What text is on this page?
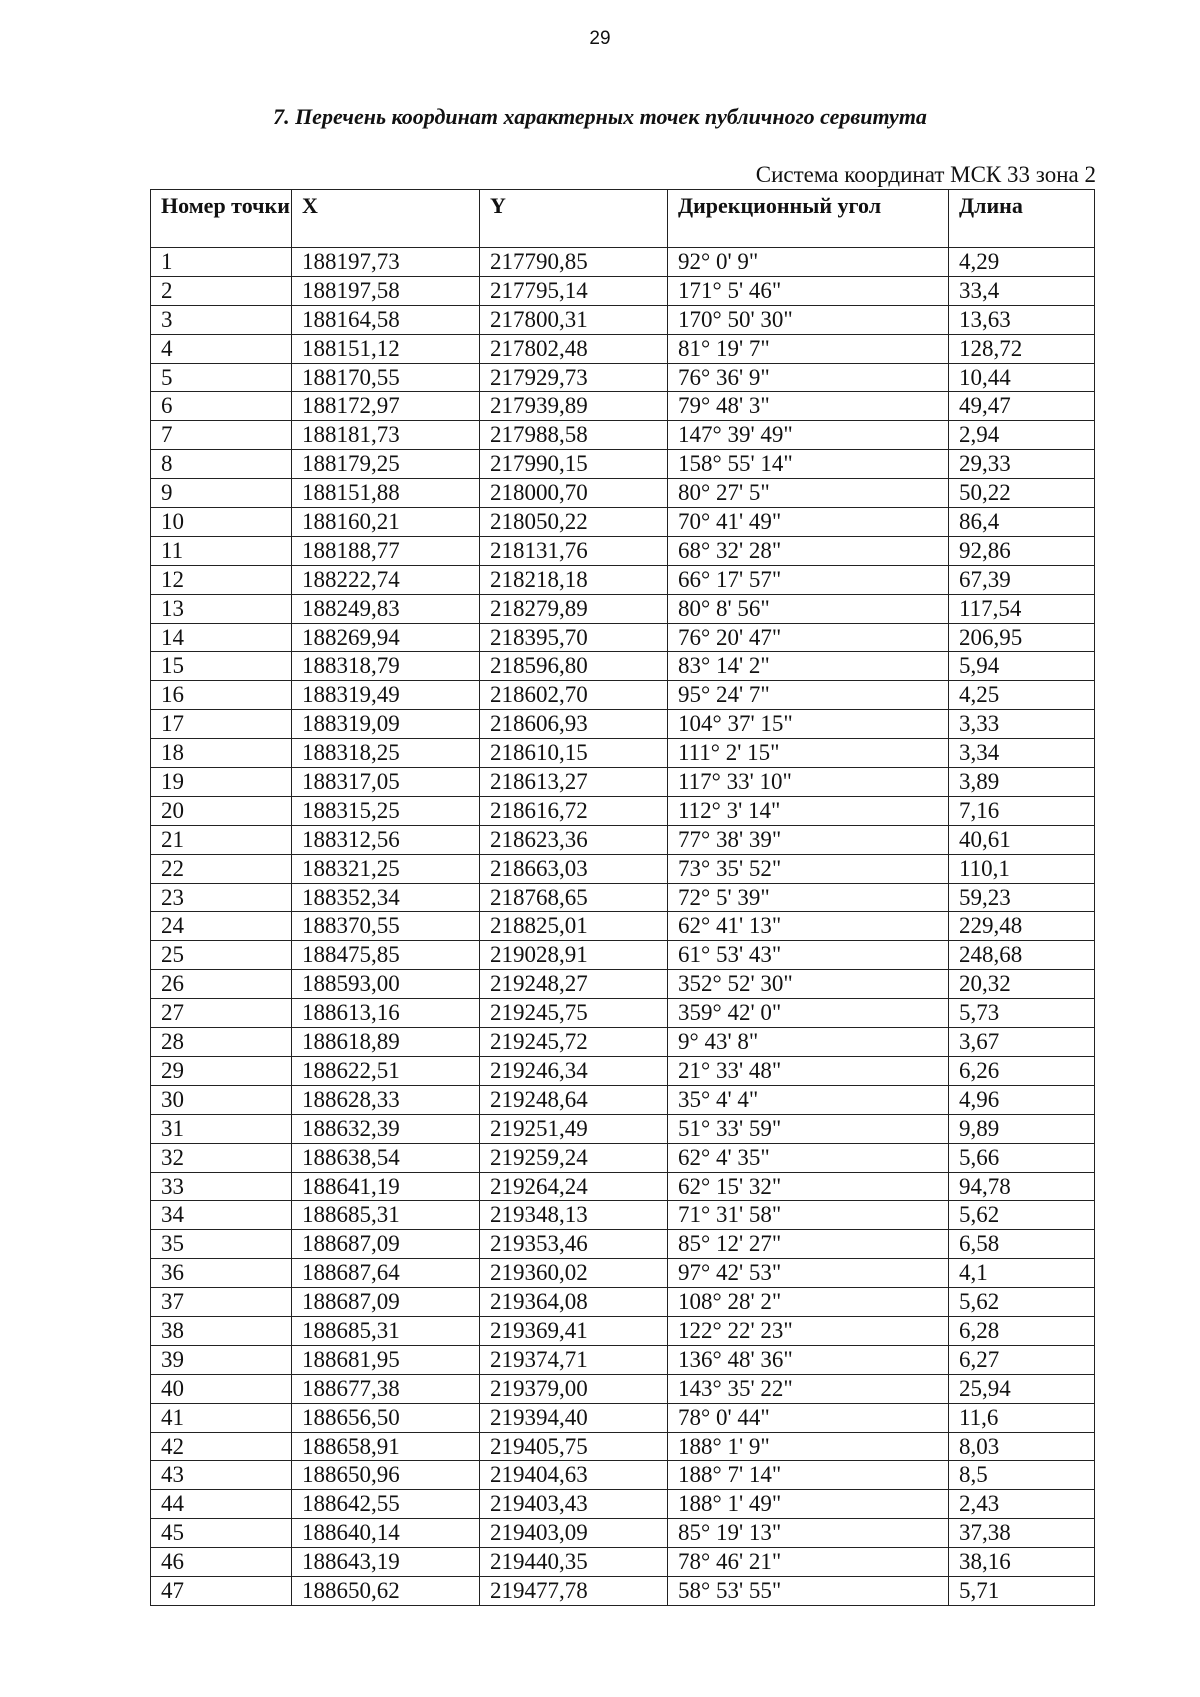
29
7. Перечень координат характерных точек публичного сервитута
Система координат МСК 33 зона 2
Номер точки	X	Y	Дирекционный угол	Длина
1	188197,73	217790,85	92° 0' 9"	4,29
2	188197,58	217795,14	171° 5' 46"	33,4
3	188164,58	217800,31	170° 50' 30"	13,63
4	188151,12	217802,48	81° 19' 7"	128,72
5	188170,55	217929,73	76° 36' 9"	10,44
6	188172,97	217939,89	79° 48' 3"	49,47
7	188181,73	217988,58	147° 39' 49"	2,94
8	188179,25	217990,15	158° 55' 14"	29,33
9	188151,88	218000,70	80° 27' 5"	50,22
10	188160,21	218050,22	70° 41' 49"	86,4
11	188188,77	218131,76	68° 32' 28"	92,86
12	188222,74	218218,18	66° 17' 57"	67,39
13	188249,83	218279,89	80° 8' 56"	117,54
14	188269,94	218395,70	76° 20' 47"	206,95
15	188318,79	218596,80	83° 14' 2"	5,94
16	188319,49	218602,70	95° 24' 7"	4,25
17	188319,09	218606,93	104° 37' 15"	3,33
18	188318,25	218610,15	111° 2' 15"	3,34
19	188317,05	218613,27	117° 33' 10"	3,89
20	188315,25	218616,72	112° 3' 14"	7,16
21	188312,56	218623,36	77° 38' 39"	40,61
22	188321,25	218663,03	73° 35' 52"	110,1
23	188352,34	218768,65	72° 5' 39"	59,23
24	188370,55	218825,01	62° 41' 13"	229,48
25	188475,85	219028,91	61° 53' 43"	248,68
26	188593,00	219248,27	352° 52' 30"	20,32
27	188613,16	219245,75	359° 42' 0"	5,73
28	188618,89	219245,72	9° 43' 8"	3,67
29	188622,51	219246,34	21° 33' 48"	6,26
30	188628,33	219248,64	35° 4' 4"	4,96
31	188632,39	219251,49	51° 33' 59"	9,89
32	188638,54	219259,24	62° 4' 35"	5,66
33	188641,19	219264,24	62° 15' 32"	94,78
34	188685,31	219348,13	71° 31' 58"	5,62
35	188687,09	219353,46	85° 12' 27"	6,58
36	188687,64	219360,02	97° 42' 53"	4,1
37	188687,09	219364,08	108° 28' 2"	5,62
38	188685,31	219369,41	122° 22' 23"	6,28
39	188681,95	219374,71	136° 48' 36"	6,27
40	188677,38	219379,00	143° 35' 22"	25,94
41	188656,50	219394,40	78° 0' 44"	11,6
42	188658,91	219405,75	188° 1' 9"	8,03
43	188650,96	219404,63	188° 7' 14"	8,5
44	188642,55	219403,43	188° 1' 49"	2,43
45	188640,14	219403,09	85° 19' 13"	37,38
46	188643,19	219440,35	78° 46' 21"	38,16
47	188650,62	219477,78	58° 53' 55"	5,71
